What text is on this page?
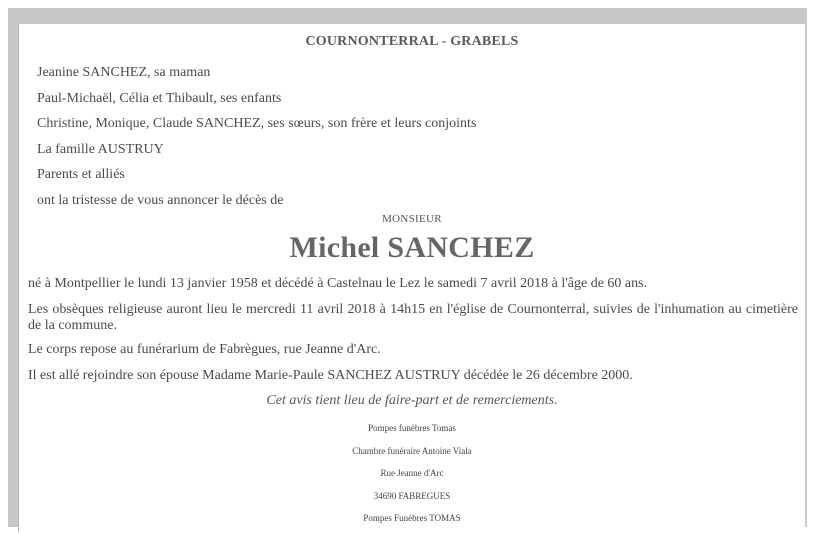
COURNONTERRAL - GRABELS
Jeanine SANCHEZ, sa maman
Paul-Michaël, Célia et Thibault, ses enfants
Christine, Monique, Claude SANCHEZ, ses sœurs, son frère et leurs conjoints
La famille AUSTRUY
Parents et alliés
ont la tristesse de vous annoncer le décès de
MONSIEUR
Michel SANCHEZ
né à Montpellier le lundi 13 janvier 1958 et décédé à Castelnau le Lez le samedi 7 avril 2018 à l'âge de 60 ans.
Les obsèques religieuse auront lieu le mercredi 11 avril 2018 à 14h15 en l'église de Cournonterral, suivies de l'inhumation au cimetière de la commune.
Le corps repose au funérarium de Fabrègues, rue Jeanne d'Arc.
Il est allé rejoindre son épouse Madame Marie-Paule SANCHEZ AUSTRUY décédée le 26 décembre 2000.
Cet avis tient lieu de faire-part et de remerciements.
Pompes funèbres Tomas
Chambre funéraire Antoine Viala
Rue Jeanne d'Arc
34690 FABREGUES
Pompes Funèbres TOMAS
